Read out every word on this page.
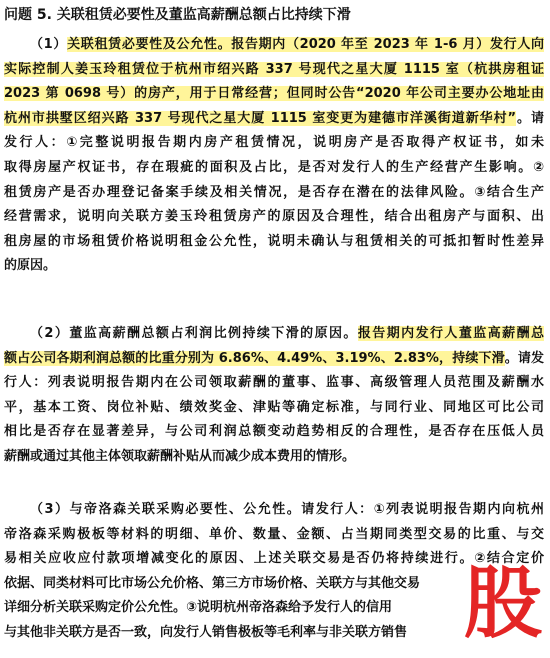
问题 5. 关联租赁必要性及董监高薪酬总额占比持续下滑
（1）关联租赁必要性及公允性。报告期内（2020 年至 2023 年 1-6 月）发行人向
实际控制人姜玉玲租赁位于杭州市绍兴路 337 号现代之星大厦 1115 室（杭拱房租证
2023 第 0698 号）的房产，用于日常经营；但同时公告“2020 年公司主要办公地址由
杭州市拱墅区绍兴路 337 号现代之星大厦 1115 室变更为建德市洋溪街道新华村”。请
发行人：①完整说明报告期内房产租赁情况，说明房产是否取得产权证书，如未
取得房屋产权证书，存在瑕疵的面积及占比，是否对发行人的生产经营产生影响。②
租赁房产是否办理登记备案手续及相关情况，是否存在潜在的法律风险。③结合生产
经营需求，说明向关联方姜玉玲租赁房产的原因及合理性，结合出租房产与面积、出
租房屋的市场租赁价格说明租金公允性，说明未确认与租赁相关的可抵扣暂时性差异
的原因。
（2）董监高薪酬总额占利润比例持续下滑的原因。报告期内发行人董监高薪酬总
额占公司各期利润总额的比重分别为 6.86%、4.49%、3.19%、2.83%，持续下滑。请发
行人：列表说明报告期内在公司领取薪酬的董事、监事、高级管理人员范围及薪酬水
平，基本工资、岗位补贴、绩效奖金、津贴等确定标准，与同行业、同地区可比公司
相比是否存在显著差异，与公司利润总额变动趋势相反的合理性，是否存在压低人员
薪酬或通过其他主体领取薪酬补贴从而减少成本费用的情形。
（3）与帝洛森关联采购必要性、公允性。请发行人：①列表说明报告期内向杭州
帝洛森采购极板等材料的明细、单价、数量、金额、占当期同类型交易的比重、与交
易相关应收应付款项增减变化的原因、上述关联交易是否仍将持续进行。②结合定价
依据、同类材料可比市场公允价格、第三方市场价格、关联方与其他交易
详细分析关联采购定价公允性。③说明杭州帝洛森给予发行人的信用
与其他非关联方是否一致，向发行人销售极板等毛利率与非关联方销售 股
